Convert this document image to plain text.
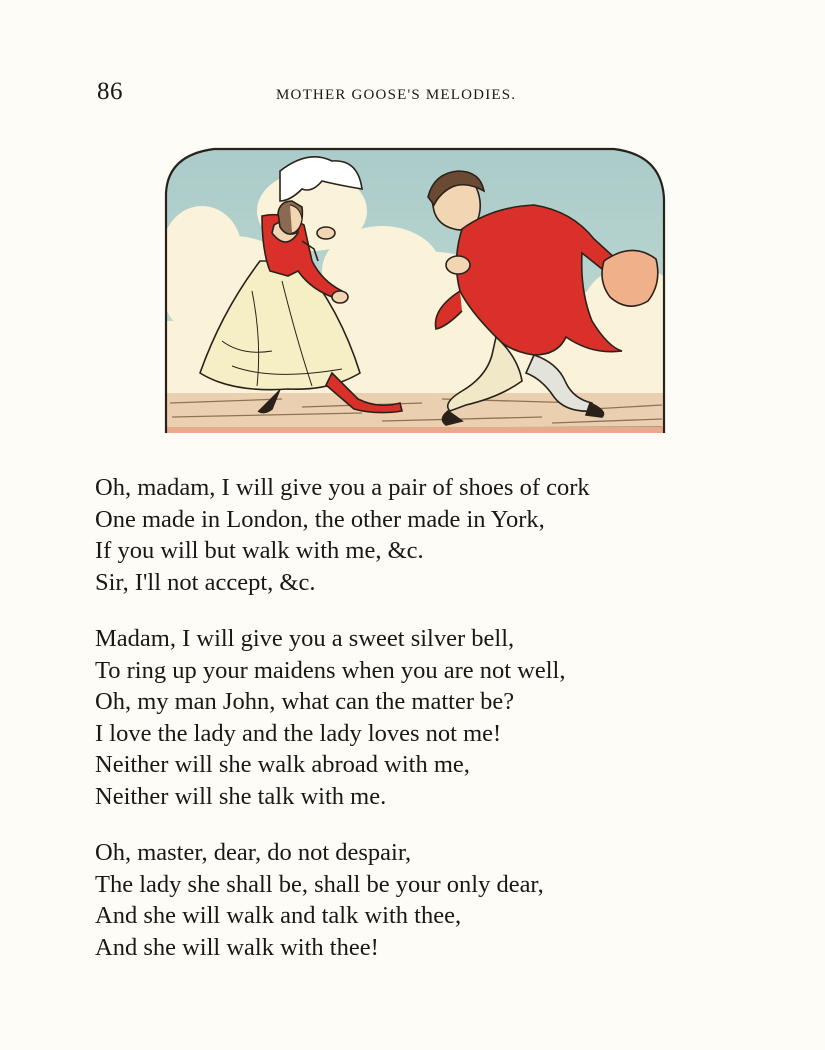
86	MOTHER GOOSE'S MELODIES.
Oh, madam, I will give you a pair of shoes of cork
One made in London, the other made in York,
If you will but walk with me, &c.
Sir, I'll not accept, &c.
Madam, I will give you a sweet silver bell,
To ring up your maidens when you are not well,
Oh, my man John, what can the matter be?
I love the lady and the lady loves not me!
Neither will she walk abroad with me,
Neither will she talk with me.
Oh, master, dear, do not despair,
The lady she shall be, shall be your only dear,
And she will walk and talk with thee,
And she will walk with thee!
